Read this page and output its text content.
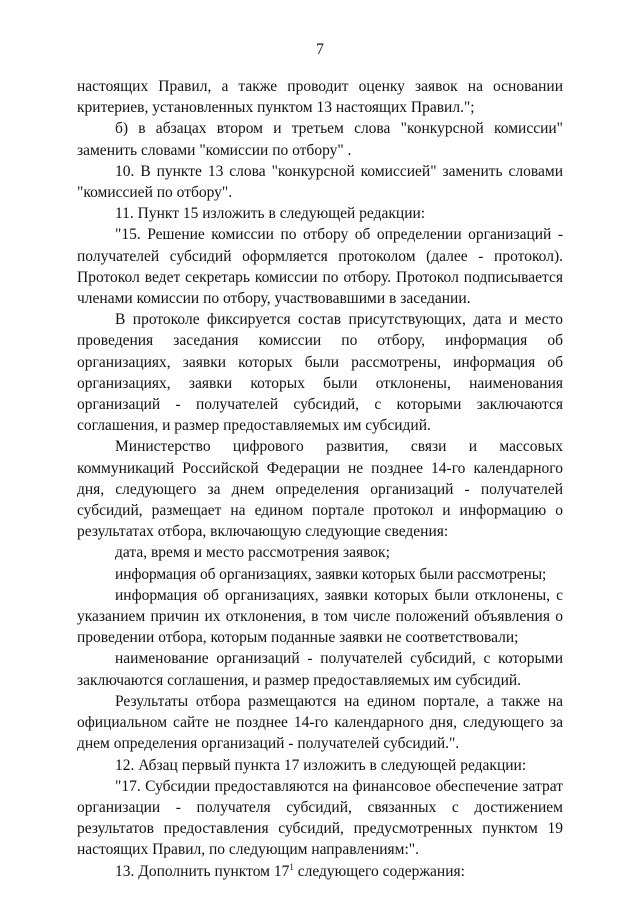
7

настоящих Правил, а также проводит оценку заявок на основании критериев, установленных пунктом 13 настоящих Правил.";

б) в абзацах втором и третьем слова "конкурсной комиссии" заменить словами "комиссии по отбору" .

10. В пункте 13 слова "конкурсной комиссией" заменить словами "комиссией по отбору".

11. Пункт 15 изложить в следующей редакции:

"15. Решение комиссии по отбору об определении организаций - получателей субсидий оформляется протоколом (далее - протокол). Протокол ведет секретарь комиссии по отбору. Протокол подписывается членами комиссии по отбору, участвовавшими в заседании.

В протоколе фиксируется состав присутствующих, дата и место проведения заседания комиссии по отбору, информация об организациях, заявки которых были рассмотрены, информация об организациях, заявки которых были отклонены, наименования организаций - получателей субсидий, с которыми заключаются соглашения, и размер предоставляемых им субсидий.

Министерство цифрового развития, связи и массовых коммуникаций Российской Федерации не позднее 14-го календарного дня, следующего за днем определения организаций - получателей субсидий, размещает на едином портале протокол и информацию о результатах отбора, включающую следующие сведения:

дата, время и место рассмотрения заявок;

информация об организациях, заявки которых были рассмотрены;

информация об организациях, заявки которых были отклонены, с указанием причин их отклонения, в том числе положений объявления о проведении отбора, которым поданные заявки не соответствовали;

наименование организаций - получателей субсидий, с которыми заключаются соглашения, и размер предоставляемых им субсидий.

Результаты отбора размещаются на едином портале, а также на официальном сайте не позднее 14-го календарного дня, следующего за днем определения организаций - получателей субсидий.".

12. Абзац первый пункта 17 изложить в следующей редакции:

"17. Субсидии предоставляются на финансовое обеспечение затрат организации - получателя субсидий, связанных с достижением результатов предоставления субсидий, предусмотренных пунктом 19 настоящих Правил, по следующим направлениям:".

13. Дополнить пунктом $17^1$ следующего содержания:
